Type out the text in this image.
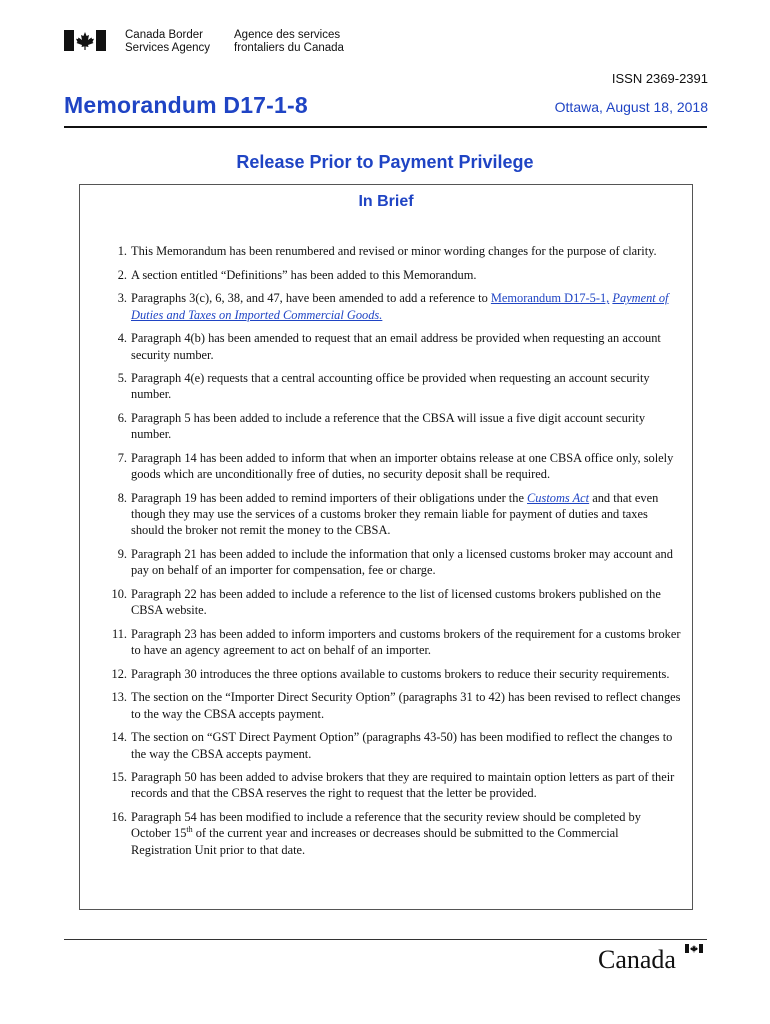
Canada Border
Services Agency
Agence des services
frontaliers du Canada
ISSN 2369-2391
Memorandum D17-1-8	Ottawa, August 18, 2018
Release Prior to Payment Privilege
In Brief
1. This Memorandum has been renumbered and revised or minor wording changes for the purpose of clarity.
2. A section entitled “Definitions” has been added to this Memorandum.
3. Paragraphs 3(c), 6, 38, and 47, have been amended to add a reference to Memorandum D17-5-1, Payment of Duties and Taxes on Imported Commercial Goods.
4. Paragraph 4(b) has been amended to request that an email address be provided when requesting an account security number.
5. Paragraph 4(e) requests that a central accounting office be provided when requesting an account security number.
6. Paragraph 5 has been added to include a reference that the CBSA will issue a five digit account security number.
7. Paragraph 14 has been added to inform that when an importer obtains release at one CBSA office only, solely goods which are unconditionally free of duties, no security deposit shall be required.
8. Paragraph 19 has been added to remind importers of their obligations under the Customs Act and that even though they may use the services of a customs broker they remain liable for payment of duties and taxes should the broker not remit the money to the CBSA.
9. Paragraph 21 has been added to include the information that only a licensed customs broker may account and pay on behalf of an importer for compensation, fee or charge.
10. Paragraph 22 has been added to include a reference to the list of licensed customs brokers published on the CBSA website.
11. Paragraph 23 has been added to inform importers and customs brokers of the requirement for a customs broker to have an agency agreement to act on behalf of an importer.
12. Paragraph 30 introduces the three options available to customs brokers to reduce their security requirements.
13. The section on the “Importer Direct Security Option” (paragraphs 31 to 42) has been revised to reflect changes to the way the CBSA accepts payment.
14. The section on “GST Direct Payment Option” (paragraphs 43-50) has been modified to reflect the changes to the way the CBSA accepts payment.
15. Paragraph 50 has been added to advise brokers that they are required to maintain option letters as part of their records and that the CBSA reserves the right to request that the letter be provided.
16. Paragraph 54 has been modified to include a reference that the security review should be completed by October 15th of the current year and increases or decreases should be submitted to the Commercial Registration Unit prior to that date.
Canada
